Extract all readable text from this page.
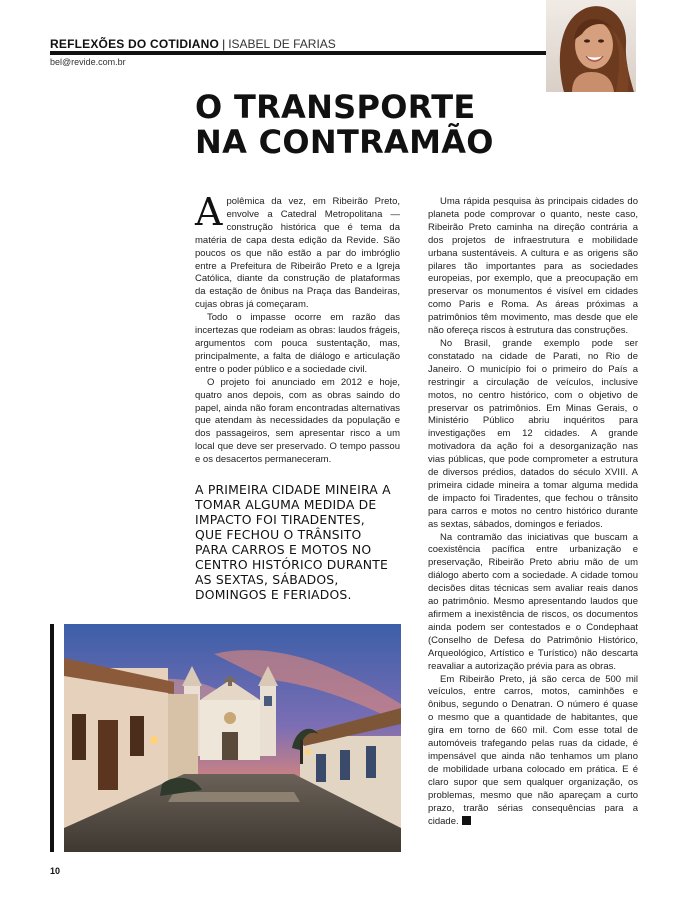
REFLEXÕES DO COTIDIANO | ISABEL DE FARIAS
bel@revide.com.br
O TRANSPORTE
NA CONTRAMÃO

Apolêmica da vez, em Ribeirão Preto, envolve a Catedral Metropolitana — construção histórica que é tema da matéria de capa desta edição da Revide. São poucos os que não estão a par do imbróglio entre a Prefeitura de Ribeirão Preto e a Igreja Católica, diante da construção de plataformas da estação de ônibus na Praça das Bandeiras, cujas obras já começaram.

Todo o impasse ocorre em razão das incertezas que rodeiam as obras: laudos frágeis, argumentos com pouca sustentação, mas, principalmente, a falta de diálogo e articulação entre o poder público e a sociedade civil.

O projeto foi anunciado em 2012 e hoje, quatro anos depois, com as obras saindo do papel, ainda não foram encontradas alternativas que atendam às necessidades da população e dos passageiros, sem apresentar risco a um local que deve ser preservado. O tempo passou e os desacertos permaneceram.

A PRIMEIRA CIDADE MINEIRA A TOMAR ALGUMA MEDIDA DE IMPACTO FOI TIRADENTES, QUE FECHOU O TRÂNSITO PARA CARROS E MOTOS NO CENTRO HISTÓRICO DURANTE AS SEXTAS, SÁBADOS, DOMINGOS E FERIADOS.

Uma rápida pesquisa às principais cidades do planeta pode comprovar o quanto, neste caso, Ribeirão Preto caminha na direção contrária a dos projetos de infraestrutura e mobilidade urbana sustentáveis. A cultura e as origens são pilares tão importantes para as sociedades europeias, por exemplo, que a preocupação em preservar os monumentos é visível em cidades como Paris e Roma. As áreas próximas a patrimônios têm movimento, mas desde que ele não ofereça riscos à estrutura das construções.

No Brasil, grande exemplo pode ser constatado na cidade de Parati, no Rio de Janeiro. O município foi o primeiro do País a restringir a circulação de veículos, inclusive motos, no centro histórico, com o objetivo de preservar os patrimônios. Em Minas Gerais, o Ministério Público abriu inquéritos para investigações em 12 cidades. A grande motivadora da ação foi a desorganização nas vias públicas, que pode comprometer a estrutura de diversos prédios, datados do século XVIII. A primeira cidade mineira a tomar alguma medida de impacto foi Tiradentes, que fechou o trânsito para carros e motos no centro histórico durante as sextas, sábados, domingos e feriados.

Na contramão das iniciativas que buscam a coexistência pacífica entre urbanização e preservação, Ribeirão Preto abriu mão de um diálogo aberto com a sociedade. A cidade tomou decisões ditas técnicas sem avaliar reais danos ao patrimônio. Mesmo apresentando laudos que afirmem a inexistência de riscos, os documentos ainda podem ser contestados e o Condephaat (Conselho de Defesa do Patrimônio Histórico, Arqueológico, Artístico e Turístico) não descarta reavaliar a autorização prévia para as obras.

Em Ribeirão Preto, já são cerca de 500 mil veículos, entre carros, motos, caminhões e ônibus, segundo o Denatran. O número é quase o mesmo que a quantidade de habitantes, que gira em torno de 660 mil. Com esse total de automóveis trafegando pelas ruas da cidade, é impensável que ainda não tenhamos um plano de mobilidade urbana colocado em prática. E é claro supor que sem qualquer organização, os problemas, mesmo que não apareçam a curto prazo, trarão sérias consequências para a cidade.

10
